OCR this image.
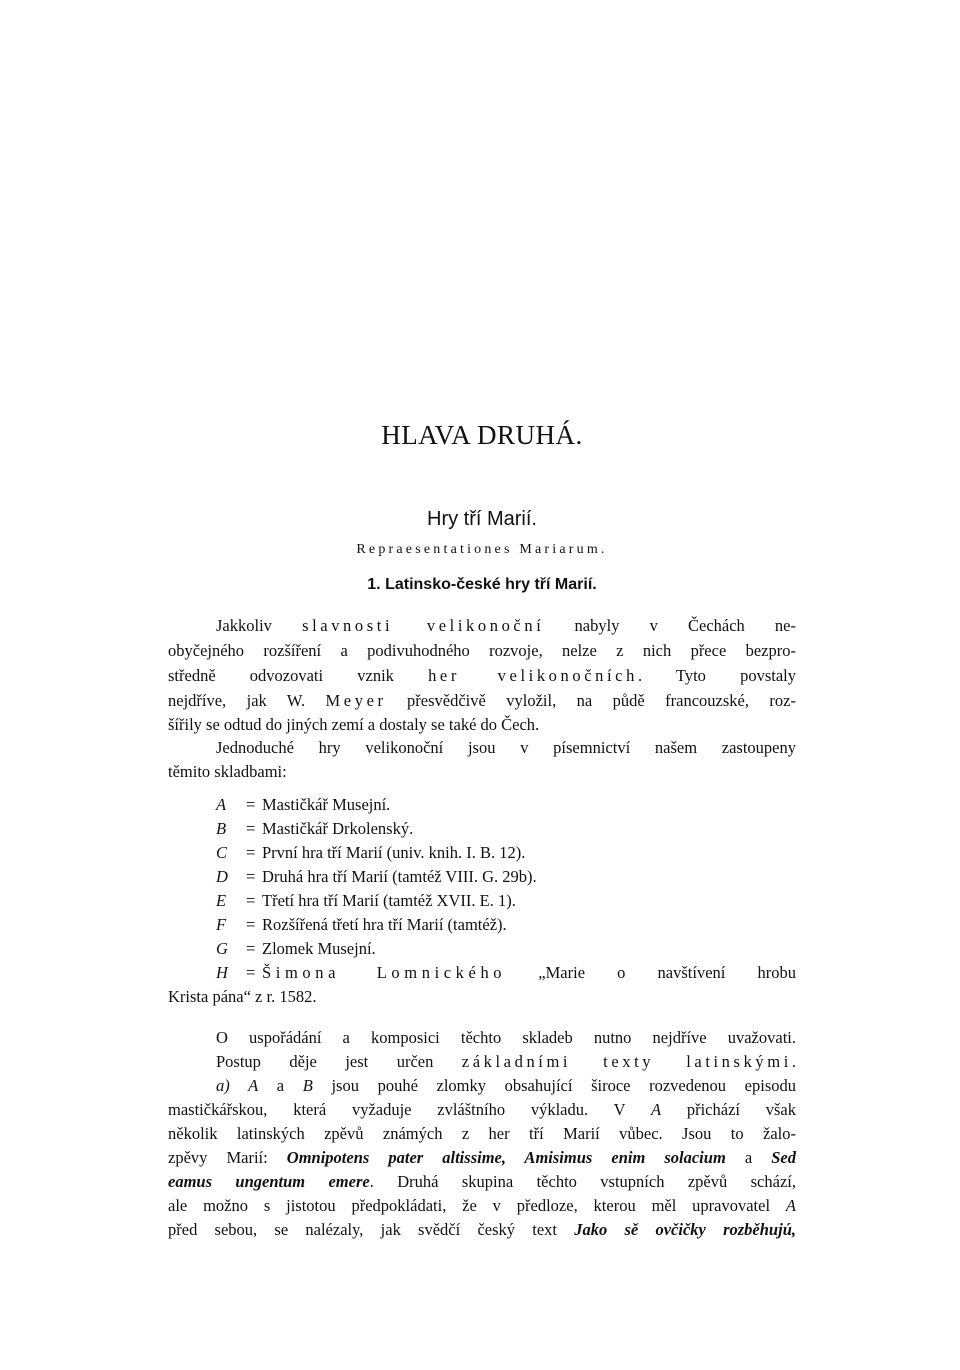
HLAVA DRUHÁ.
Hry tří Marií.
Repraesentationes Mariarum.
1. Latinsko-české hry tří Marií.
Jakkoliv slavnosti velikonoční nabyly v Čechách ne-
obyčejného rozšíření a podivuhodného rozvoje, nelze z nich přece bezpro-
středně odvozovati vznik her velikonočních. Tyto povstaly
nejdříve, jak W. Meyer přesvědčivě vyložil, na půdě francouzské, roz-
šířily se odtud do jiných zemí a dostaly se také do Čech.
Jednoduché hry velikonoční jsou v písemnictví našem zastoupeny
těmito skladbami:
A = Mastičkář Musejní.
B = Mastičkář Drkolenský.
C = První hra tří Marií (univ. knih. I. B. 12).
D = Druhá hra tří Marií (tamtéž VIII. G. 29b).
E = Třetí hra tří Marií (tamtéž XVII. E. 1).
F = Rozšířená třetí hra tří Marií (tamtéž).
G = Zlomek Musejní.
H = Šimona Lomnického „Marie o navštívení hrobu
Krista pána“ z r. 1582.
O uspořádání a komposici těchto skladeb nutno nejdříve uvažovati.
Postup děje jest určen základními texty latinskými.
a) A a B jsou pouhé zlomky obsahující široce rozvedenou episodu
mastičkářskou, která vyžaduje zvláštního výkladu. V A přichází však
několik latinských zpěvů známých z her tří Marií vůbec. Jsou to žalo-
zpěvy Marií: Omnipotens pater altissime, Amisimus enim solacium a Sed
eamus ungentum emere. Druhá skupina těchto vstupních zpěvů schází,
ale možno s jistotou předpokládati, že v předloze, kterou měl upravovatel A
před sebou, se nalézaly, jak svědčí český text Jako sě ovčičky rozběhujú,
